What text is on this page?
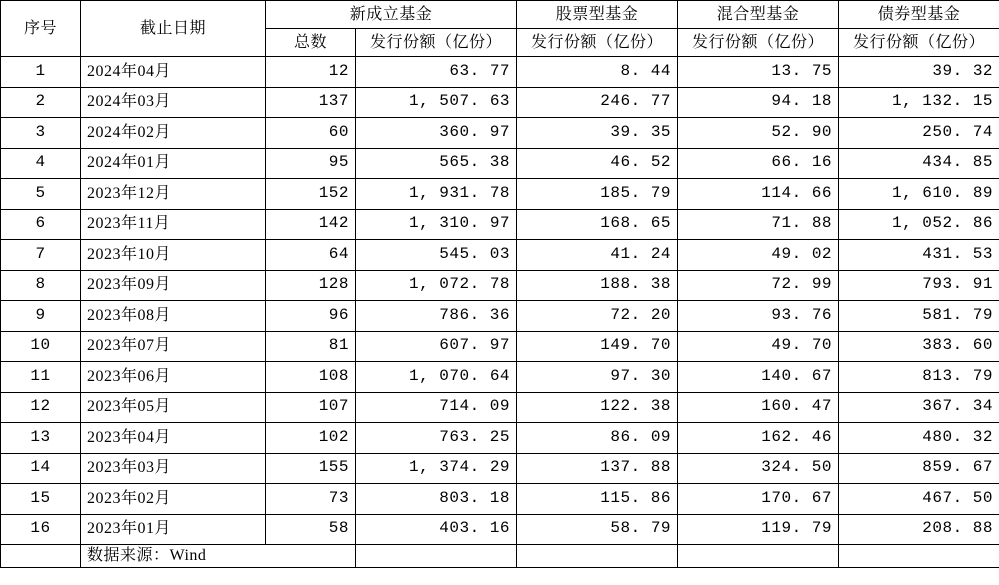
序号	截止日期	新成立基金		股票型基金	混合型基金	债券型基金
		总数	发行份额（亿份）	发行份额（亿份）	发行份额（亿份）	发行份额（亿份）
1	2024年04月	12	63. 77	8. 44	13. 75	39. 32
2	2024年03月	137	1, 507. 63	246. 77	94. 18	1, 132. 15
3	2024年02月	60	360. 97	39. 35	52. 90	250. 74
4	2024年01月	95	565. 38	46. 52	66. 16	434. 85
5	2023年12月	152	1, 931. 78	185. 79	114. 66	1, 610. 89
6	2023年11月	142	1, 310. 97	168. 65	71. 88	1, 052. 86
7	2023年10月	64	545. 03	41. 24	49. 02	431. 53
8	2023年09月	128	1, 072. 78	188. 38	72. 99	793. 91
9	2023年08月	96	786. 36	72. 20	93. 76	581. 79
10	2023年07月	81	607. 97	149. 70	49. 70	383. 60
11	2023年06月	108	1, 070. 64	97. 30	140. 67	813. 79
12	2023年05月	107	714. 09	122. 38	160. 47	367. 34
13	2023年04月	102	763. 25	86. 09	162. 46	480. 32
14	2023年03月	155	1, 374. 29	137. 88	324. 50	859. 67
15	2023年02月	73	803. 18	115. 86	170. 67	467. 50
16	2023年01月	58	403. 16	58. 79	119. 79	208. 88
	数据来源：Wind					
